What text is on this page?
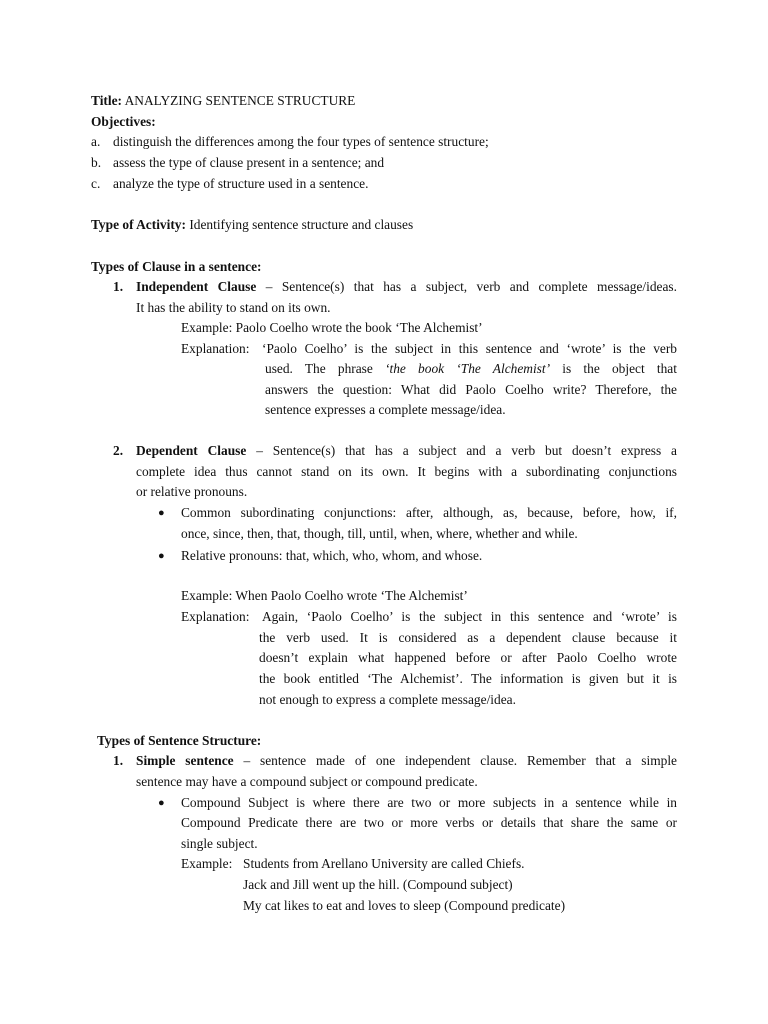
Title: ANALYZING SENTENCE STRUCTURE
Objectives:
a. distinguish the differences among the four types of sentence structure;
b. assess the type of clause present in a sentence; and
c. analyze the type of structure used in a sentence.
Type of Activity: Identifying sentence structure and clauses
Types of Clause in a sentence:
1. Independent Clause – Sentence(s) that has a subject, verb and complete message/ideas.
It has the ability to stand on its own.
Example: Paolo Coelho wrote the book ‘The Alchemist’
Explanation: ‘Paolo Coelho’ is the subject in this sentence and ‘wrote’ is the verb
used. The phrase ‘the book ‘The Alchemist’ is the object that
answers the question: What did Paolo Coelho write? Therefore, the
sentence expresses a complete message/idea.
2. Dependent Clause – Sentence(s) that has a subject and a verb but doesn’t express a
complete idea thus cannot stand on its own. It begins with a subordinating conjunctions
or relative pronouns.
● Common subordinating conjunctions: after, although, as, because, before, how, if,
once, since, then, that, though, till, until, when, where, whether and while.
● Relative pronouns: that, which, who, whom, and whose.
Example: When Paolo Coelho wrote ‘The Alchemist’
Explanation: Again, ‘Paolo Coelho’ is the subject in this sentence and ‘wrote’ is
the verb used. It is considered as a dependent clause because it
doesn’t explain what happened before or after Paolo Coelho wrote
the book entitled ‘The Alchemist’. The information is given but it is
not enough to express a complete message/idea.
Types of Sentence Structure:
1. Simple sentence – sentence made of one independent clause. Remember that a simple
sentence may have a compound subject or compound predicate.
● Compound Subject is where there are two or more subjects in a sentence while in
Compound Predicate there are two or more verbs or details that share the same or
single subject.
Example: Students from Arellano University are called Chiefs.
Jack and Jill went up the hill. (Compound subject)
My cat likes to eat and loves to sleep (Compound predicate)
